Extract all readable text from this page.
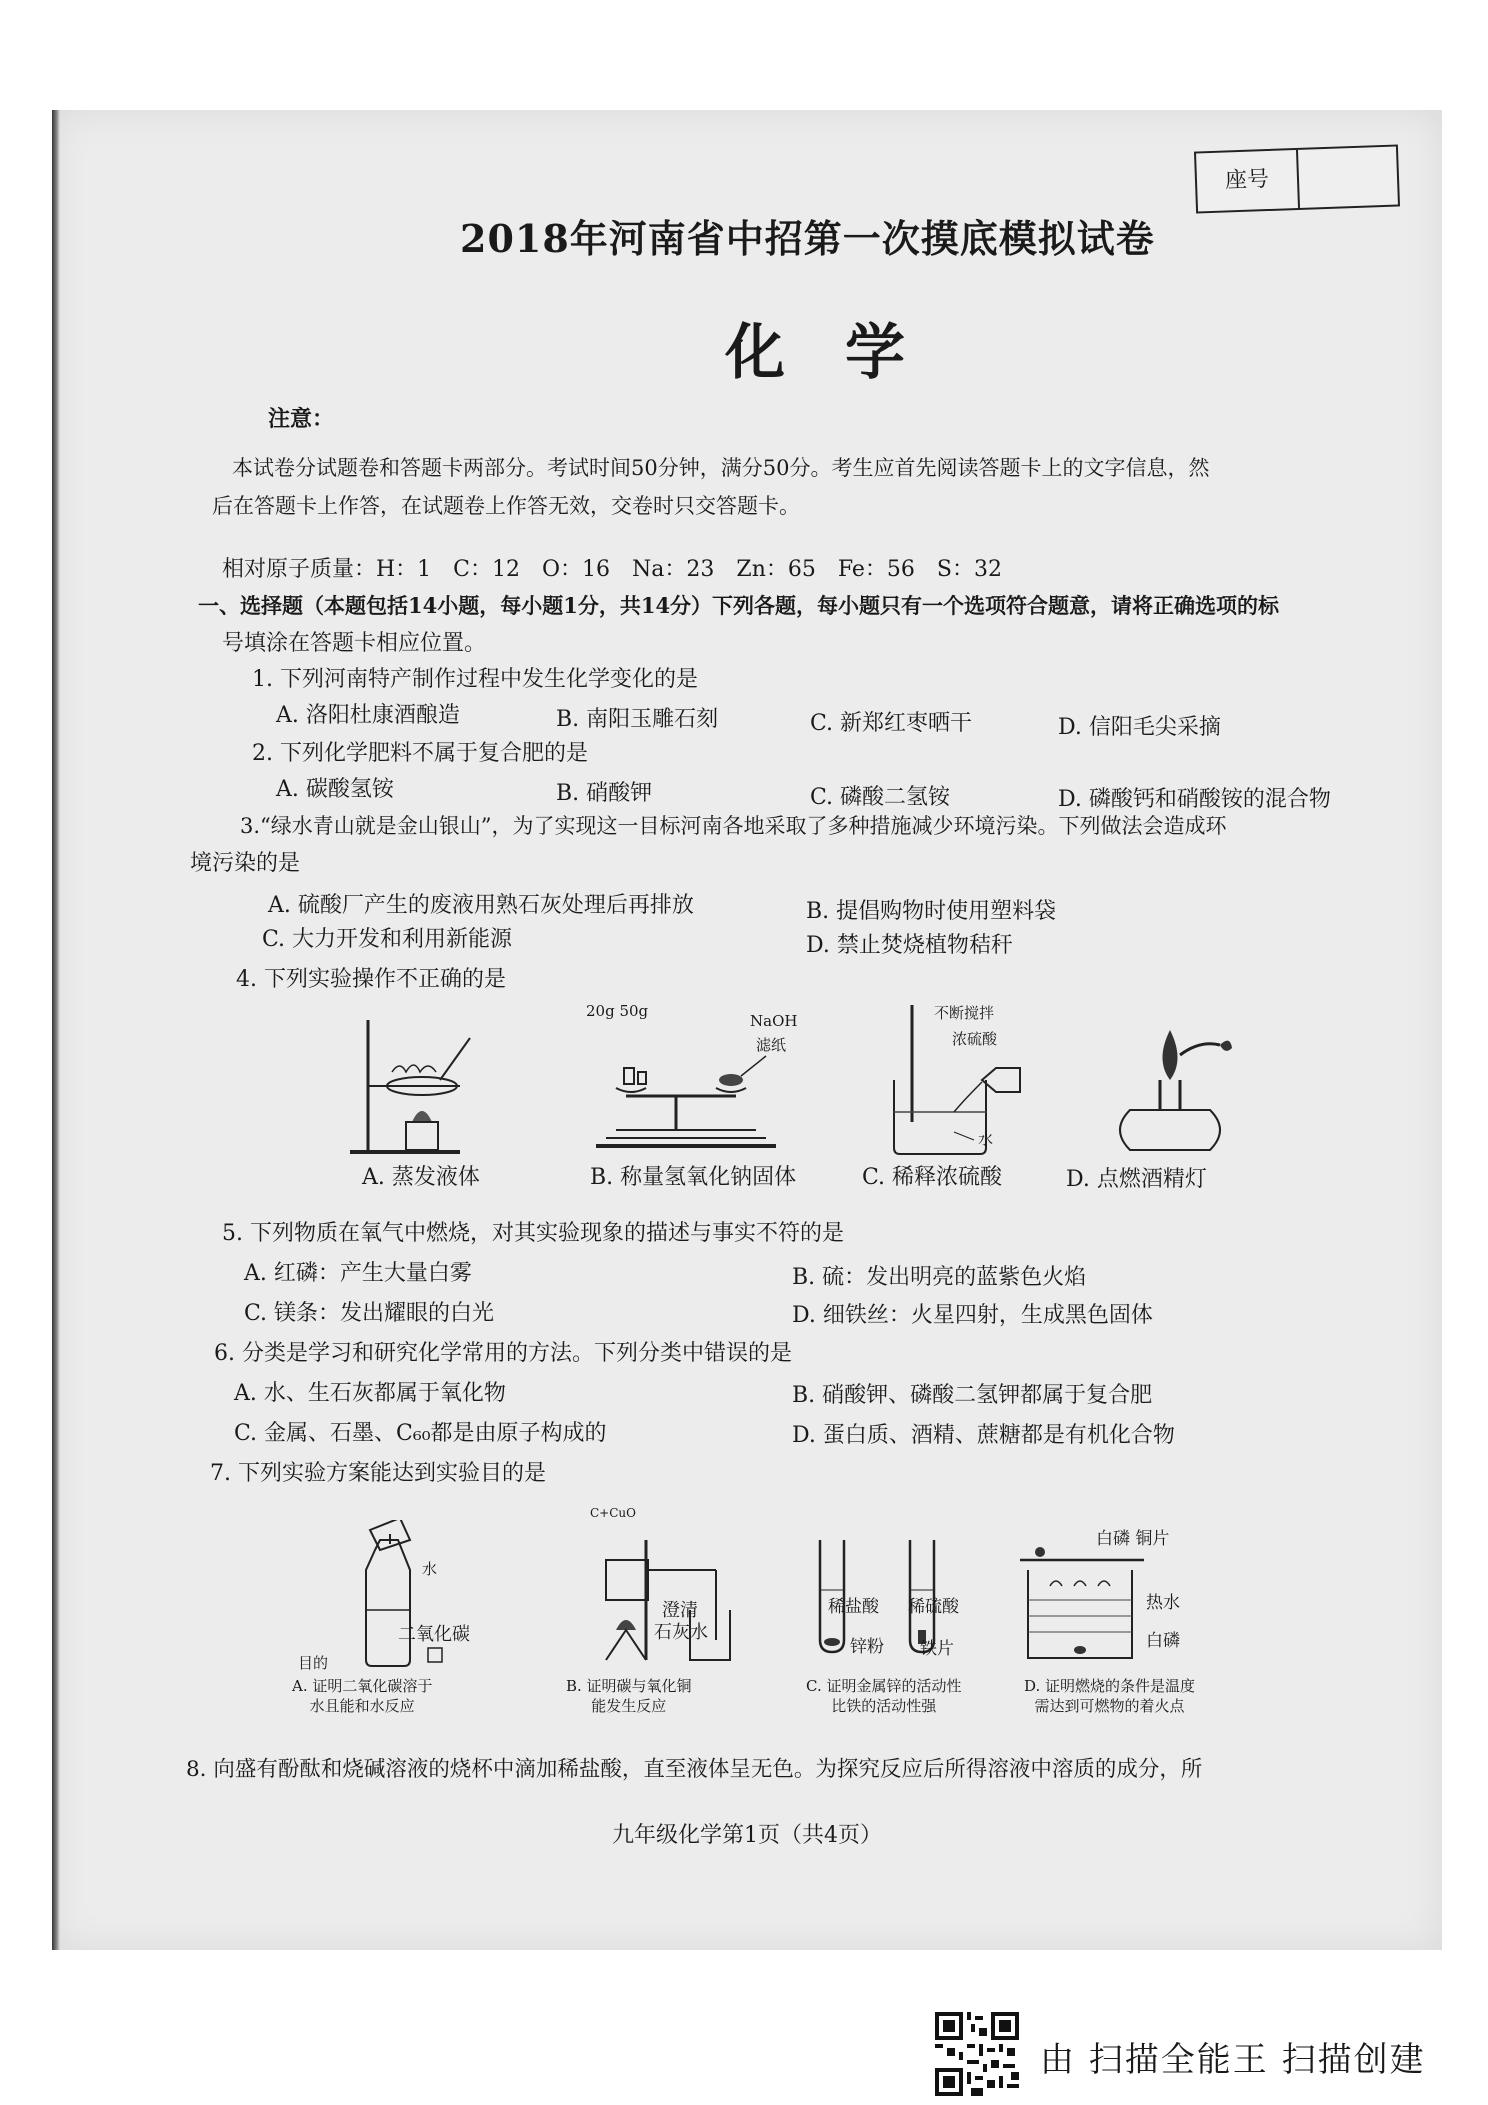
座号
2018年河南省中招第一次摸底模拟试卷
化学
注意：
本试卷分试题卷和答题卡两部分。考试时间50分钟，满分50分。考生应首先阅读答题卡上的文字信息，然
后在答题卡上作答，在试题卷上作答无效，交卷时只交答题卡。
相对原子质量：H：1　C：12　O：16　Na：23　Zn：65　Fe：56　S：32
一、选择题（本题包括14小题，每小题1分，共14分）下列各题，每小题只有一个选项符合题意，请将正确选项的标
号填涂在答题卡相应位置。
1. 下列河南特产制作过程中发生化学变化的是
A. 洛阳杜康酒酿造	B. 南阳玉雕石刻	C. 新郑红枣晒干	D. 信阳毛尖采摘
2. 下列化学肥料不属于复合肥的是
A. 碳酸氢铵	B. 硝酸钾	C. 磷酸二氢铵	D. 磷酸钙和硝酸铵的混合物
3.“绿水青山就是金山银山”，为了实现这一目标河南各地采取了多种措施减少环境污染。下列做法会造成环
境污染的是
A. 硫酸厂产生的废液用熟石灰处理后再排放	B. 提倡购物时使用塑料袋
C. 大力开发和利用新能源	D. 禁止焚烧植物秸秆
4. 下列实验操作不正确的是
A. 蒸发液体
20g 50g
NaOH
滤纸
B. 称量氢氧化钠固体
不断搅拌
浓硫酸
水
C. 稀释浓硫酸	D. 点燃酒精灯
5. 下列物质在氧气中燃烧，对其实验现象的描述与事实不符的是
A. 红磷：产生大量白雾	B. 硫：发出明亮的蓝紫色火焰
C. 镁条：发出耀眼的白光	D. 细铁丝：火星四射，生成黑色固体
6. 分类是学习和研究化学常用的方法。下列分类中错误的是
A. 水、生石灰都属于氧化物	B. 硝酸钾、磷酸二氢钾都属于复合肥
C. 金属、石墨、C₆₀都是由原子构成的	D. 蛋白质、酒精、蔗糖都是有机化合物
7. 下列实验方案能达到实验目的是
水
二氧化碳
目的
A. 证明二氧化碳溶于
水且能和水反应
C+CuO
澄清
石灰水
B. 证明碳与氧化铜
能发生反应
稀盐酸 稀硫酸
锌粉 铁片
C. 证明金属锌的活动性
比铁的活动性强
白磷 铜片
热水
白磷
D. 证明燃烧的条件是温度
需达到可燃物的着火点
8. 向盛有酚酞和烧碱溶液的烧杯中滴加稀盐酸，直至液体呈无色。为探究反应后所得溶液中溶质的成分，所
九年级化学第1页（共4页）
由 扫描全能王 扫描创建
